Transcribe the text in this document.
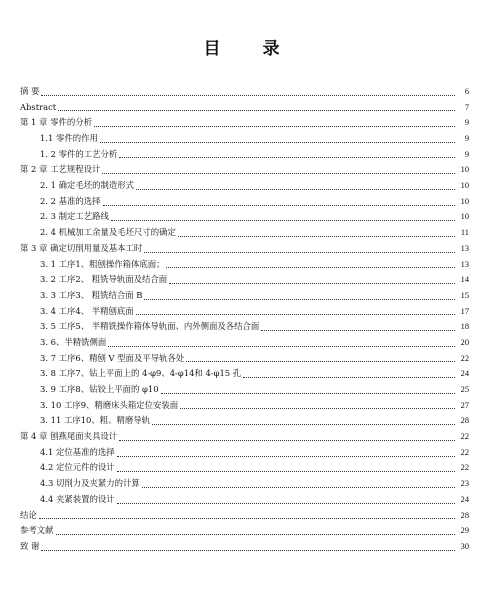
目 录
摘 要	6
Abstract	7
第 1 章 零件的分析	9
1.1 零件的作用	9
1. 2 零件的工艺分析	9
第 2 章 工艺规程设计	10
2. 1 确定毛坯的制造形式	10
2. 2 基准的选择	10
2. 3 制定工艺路线	10
2. 4 机械加工余量及毛坯尺寸的确定	11
第 3 章 确定切削用量及基本工时	13
3. 1 工序1、粗刨操作箱体底面；	13
3. 2 工序2、 粗铣导轨面及结合面	14
3. 3 工序3、 粗铣结合面 B	15
3. 4 工序4、 半精刨底面	17
3. 5 工序5、 半精铣操作箱体导轨面、内外侧面及各结合面	18
3. 6、半精铣侧面	20
3. 7 工序6、精刨 V 型面及平导轨各处	22
3. 8 工序7、钻上平面上的 4-φ9、4-φ14和 4-φ15 孔	24
3. 9 工序8、钻铰上平面的 φ10	25
3. 10 工序9、精磨床头箱定位安装面	27
3. 11 工序10、粗、精磨导轨	28
第 4 章 刨燕尾面夹具设计	22
4.1 定位基准的选择	22
4.2 定位元件的设计	22
4.3 切削力及夹紧力的计算	23
4.4 夹紧装置的设计	24
结论	28
参考文献	29
致 谢	30
